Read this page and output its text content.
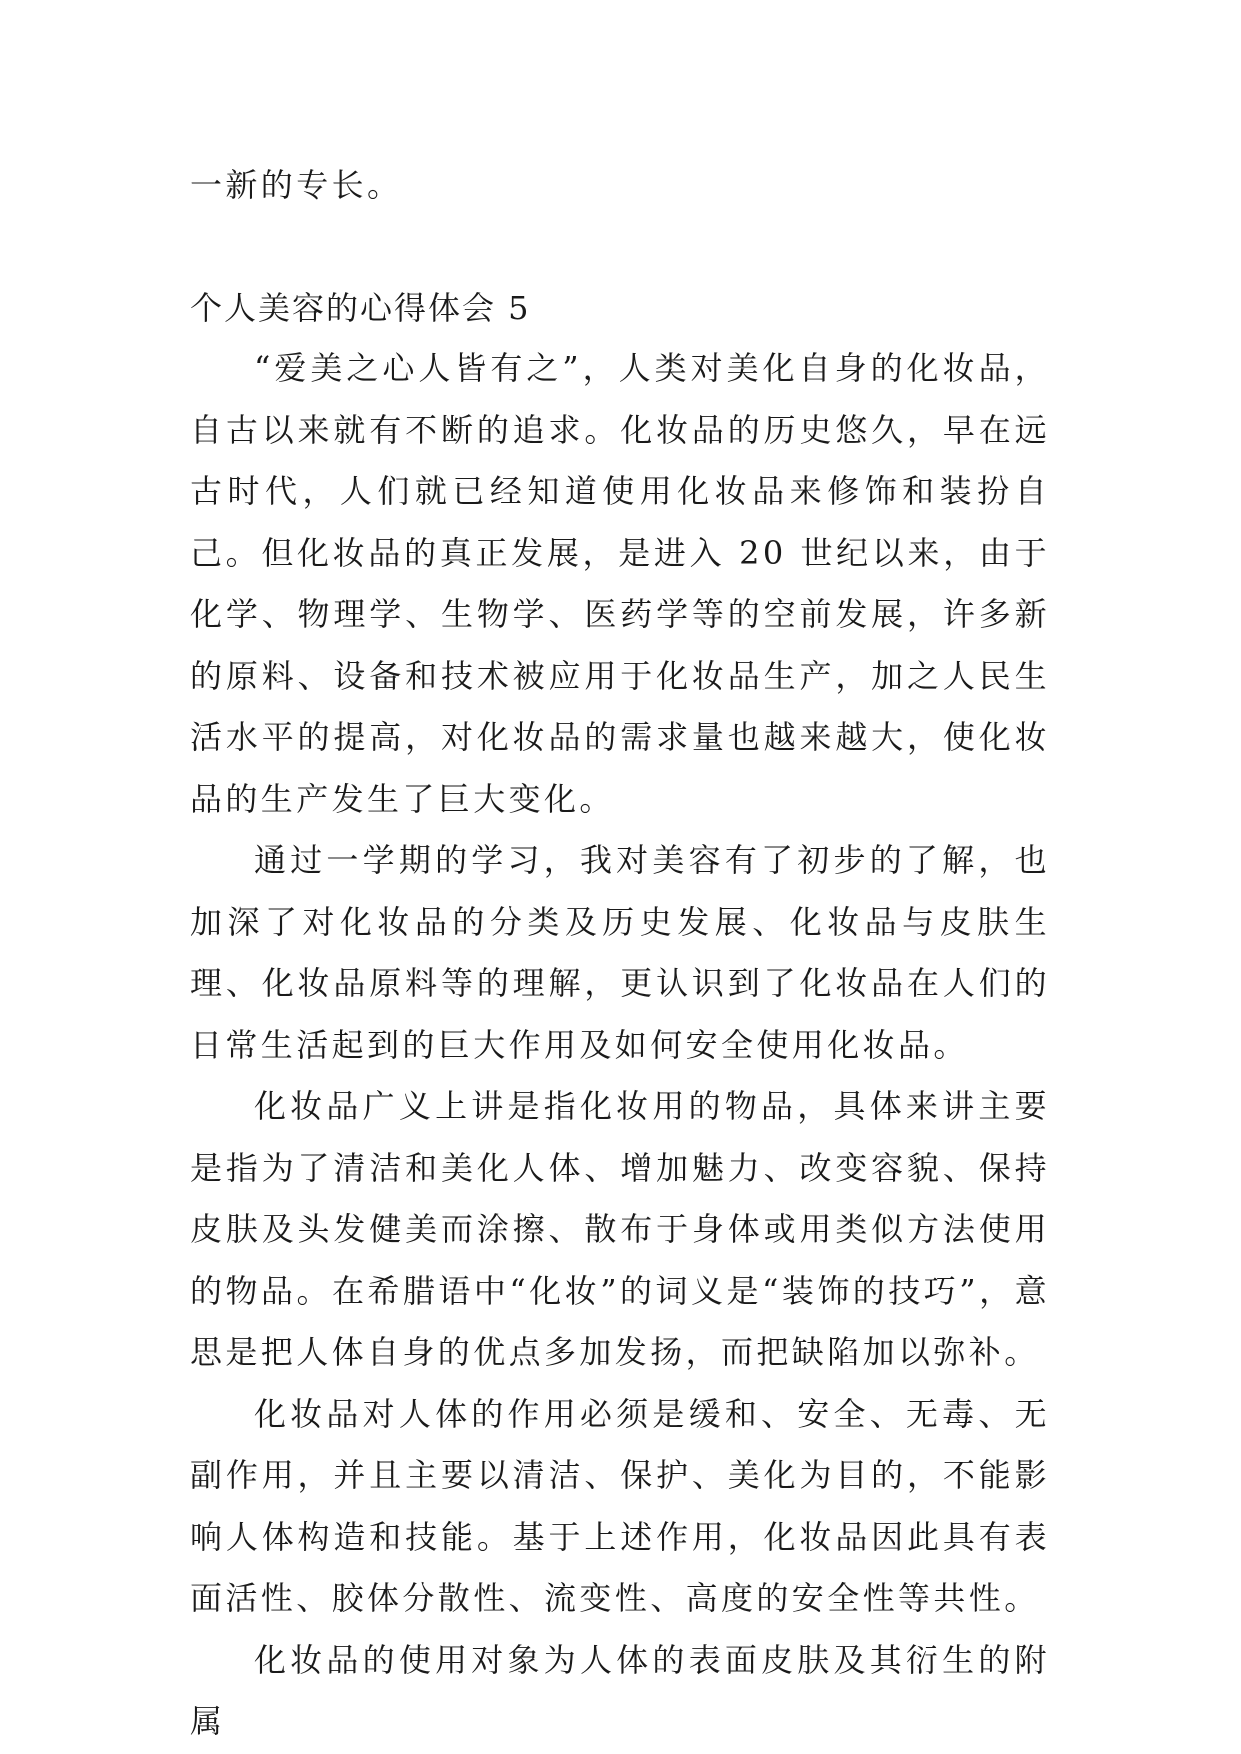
一新的专长。
个人美容的心得体会 5

“爱美之心人皆有之”，人类对美化自身的化妆品，自古以来就有不断的追求。化妆品的历史悠久，早在远古时代，人们就已经知道使用化妆品来修饰和装扮自己。但化妆品的真正发展，是进入 20 世纪以来，由于化学、物理学、生物学、医药学等的空前发展，许多新的原料、设备和技术被应用于化妆品生产，加之人民生活水平的提高，对化妆品的需求量也越来越大，使化妆品的生产发生了巨大变化。

通过一学期的学习，我对美容有了初步的了解，也加深了对化妆品的分类及历史发展、化妆品与皮肤生理、化妆品原料等的理解，更认识到了化妆品在人们的日常生活起到的巨大作用及如何安全使用化妆品。

化妆品广义上讲是指化妆用的物品，具体来讲主要是指为了清洁和美化人体、增加魅力、改变容貌、保持皮肤及头发健美而涂擦、散布于身体或用类似方法使用的物品。在希腊语中“化妆”的词义是“装饰的技巧”，意思是把人体自身的优点多加发扬，而把缺陷加以弥补。

化妆品对人体的作用必须是缓和、安全、无毒、无副作用，并且主要以清洁、保护、美化为目的，不能影响人体构造和技能。基于上述作用，化妆品因此具有表面活性、胶体分散性、流变性、高度的安全性等共性。

化妆品的使用对象为人体的表面皮肤及其衍生的附属
